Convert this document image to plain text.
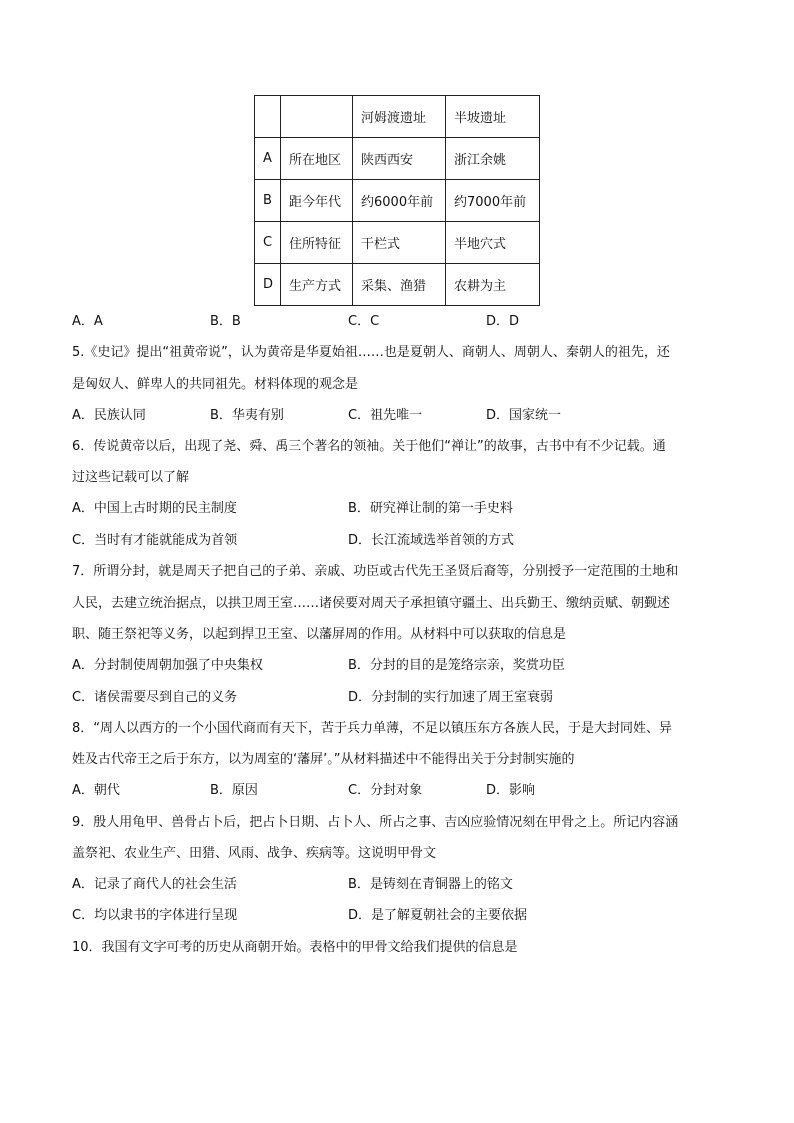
		河姆渡遗址	半坡遗址
A	所在地区	陕西西安	浙江余姚
B	距今年代	约6000年前	约7000年前
C	住所特征	干栏式	半地穴式
D	生产方式	采集、渔猎	农耕为主
A．A	B．B	C．C	D．D
5.《史记》提出“祖黄帝说”，认为黄帝是华夏始祖……也是夏朝人、商朝人、周朝人、秦朝人的祖先，还
是匈奴人、鲜卑人的共同祖先。材料体现的观念是
A．民族认同	B．华夷有别	C．祖先唯一	D．国家统一
6．传说黄帝以后，出现了尧、舜、禹三个著名的领袖。关于他们“禅让”的故事，古书中有不少记载。通
过这些记载可以了解
A．中国上古时期的民主制度	B．研究禅让制的第一手史料
C．当时有才能就能成为首领	D．长江流域选举首领的方式
7．所谓分封，就是周天子把自己的子弟、亲戚、功臣或古代先王圣贤后裔等，分别授予一定范围的土地和
人民，去建立统治据点，以拱卫周王室……诸侯要对周天子承担镇守疆土、出兵勤王、缴纳贡赋、朝觐述
职、随王祭祀等义务，以起到捍卫王室、以藩屏周的作用。从材料中可以获取的信息是
A．分封制使周朝加强了中央集权	B．分封的目的是笼络宗亲，奖赏功臣
C．诸侯需要尽到自己的义务	D．分封制的实行加速了周王室衰弱
8．“周人以西方的一个小国代商而有天下，苦于兵力单薄，不足以镇压东方各族人民，于是大封同姓、异
姓及古代帝王之后于东方，以为周室的‘藩屏’。”从材料描述中不能得出关于分封制实施的
A．朝代	B．原因	C．分封对象	D．影响
9．殷人用龟甲、兽骨占卜后，把占卜日期、占卜人、所占之事、吉凶应验情况刻在甲骨之上。所记内容涵
盖祭祀、农业生产、田猎、风雨、战争、疾病等。这说明甲骨文
A．记录了商代人的社会生活	B．是铸刻在青铜器上的铭文
C．均以隶书的字体进行呈现	D．是了解夏朝社会的主要依据
10．我国有文字可考的历史从商朝开始。表格中的甲骨文给我们提供的信息是
